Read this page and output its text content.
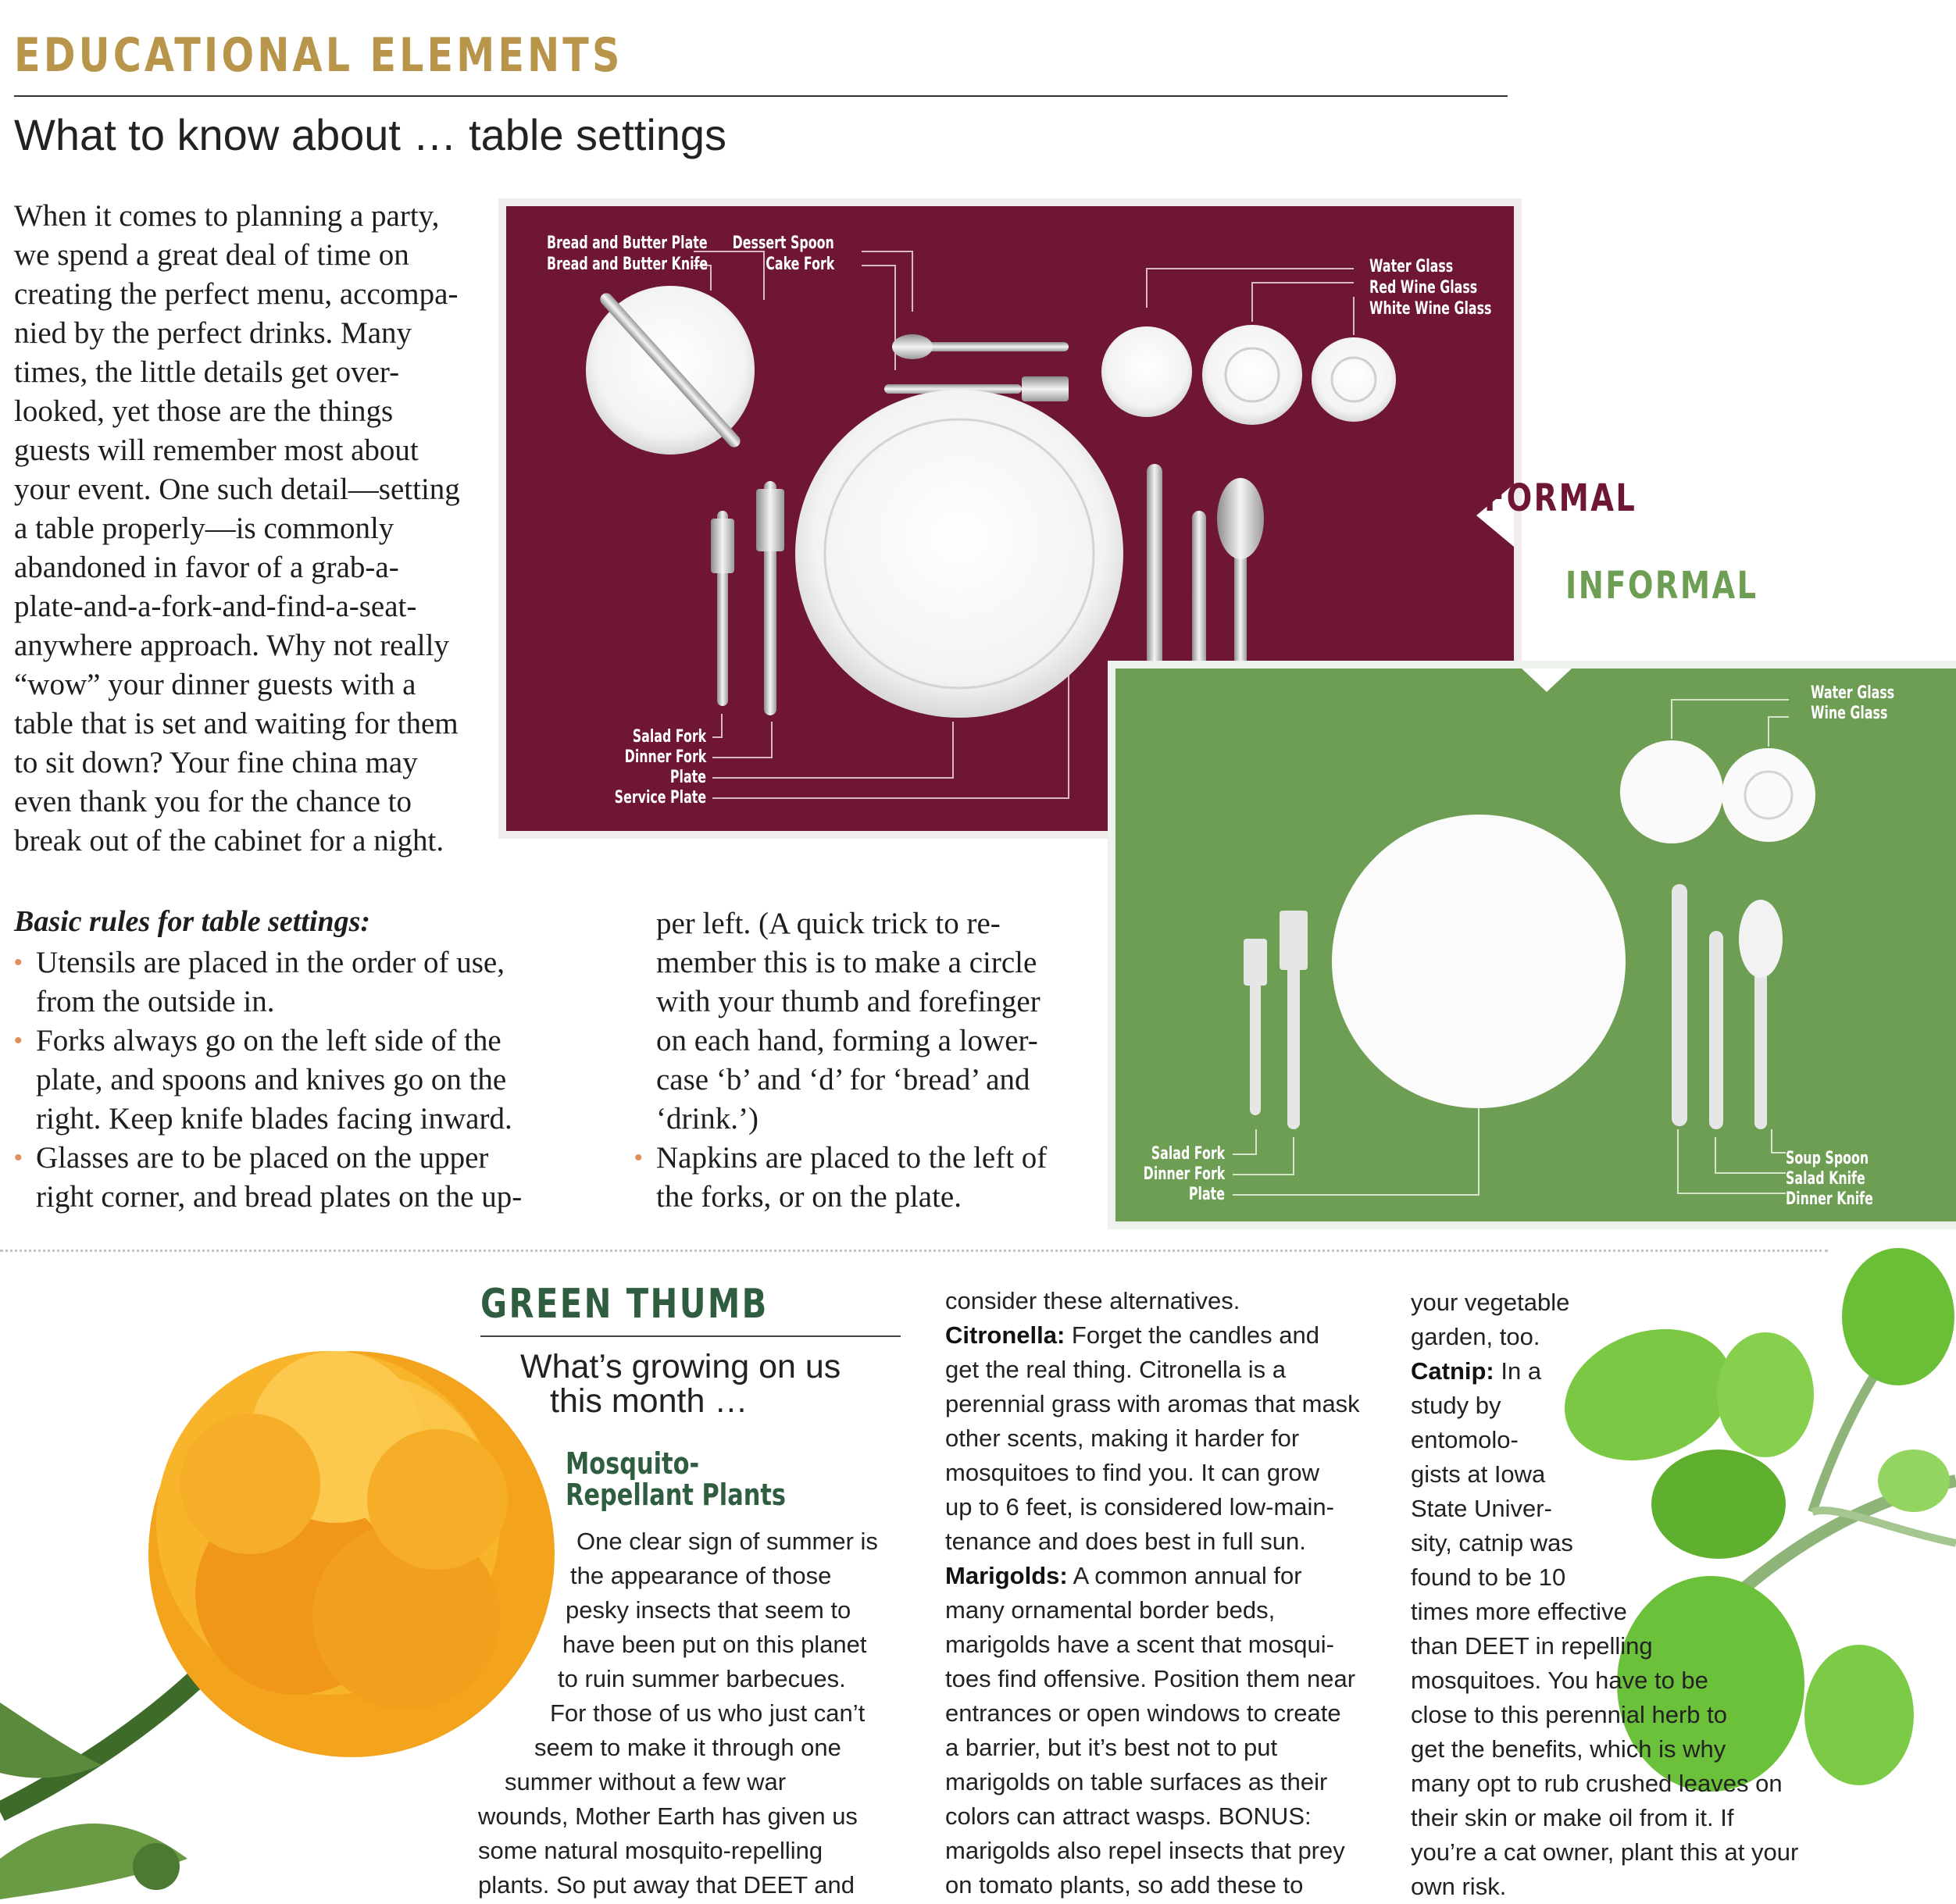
EDUCATIONAL ELEMENTS
What to know about … table settings
When it comes to planning a party,
we spend a great deal of time on
creating the perfect menu, accompa-
nied by the perfect drinks. Many
times, the little details get over-
looked, yet those are the things
guests will remember most about
your event. One such detail—setting
a table properly—is commonly
abandoned in favor of a grab-a-
plate-and-a-fork-and-find-a-seat-
anywhere approach. Why not really
“wow” your dinner guests with a
table that is set and waiting for them
to sit down? Your fine china may
even thank you for the chance to
break out of the cabinet for a night.
Basic rules for table settings:
• Utensils are placed in the order of use,
from the outside in.
• Forks always go on the left side of the
plate, and spoons and knives go on the
right. Keep knife blades facing inward.
• Glasses are to be placed on the upper
right corner, and bread plates on the up-
per left. (A quick trick to re-
member this is to make a circle
with your thumb and forefinger
on each hand, forming a lower-
case ‘b’ and ‘d’ for ‘bread’ and
‘drink.’)
• Napkins are placed to the left of
the forks, or on the plate.
Bread and Butter Plate
Bread and Butter Knife
Dessert Spoon
Cake Fork	Water Glass
Red Wine Glass
White Wine Glass
Salad Fork
Dinner Fork
Plate
Service Plate
FORMAL
INFORMAL
Water Glass
Wine Glass
Salad Fork
Dinner Fork
Plate
Soup Spoon
Salad Knife
Dinner Knife
GREEN THUMB
What’s growing on us
this month …
Mosquito-
Repellant Plants
One clear sign of summer is
the appearance of those
pesky insects that seem to
have been put on this planet
to ruin summer barbecues.
For those of us who just can’t
seem to make it through one
summer without a few war
wounds, Mother Earth has given us
some natural mosquito-repelling
plants. So put away that DEET and
consider these alternatives.
Citronella: Forget the candles and
get the real thing. Citronella is a
perennial grass with aromas that mask
other scents, making it harder for
mosquitoes to find you. It can grow
up to 6 feet, is considered low-main-
tenance and does best in full sun.
Marigolds: A common annual for
many ornamental border beds,
marigolds have a scent that mosqui-
toes find offensive. Position them near
entrances or open windows to create
a barrier, but it’s best not to put
marigolds on table surfaces as their
colors can attract wasps. BONUS:
marigolds also repel insects that prey
on tomato plants, so add these to
your vegetable
garden, too.
Catnip: In a
study by
entomolo-
gists at Iowa
State Univer-
sity, catnip was
found to be 10
times more effective
than DEET in repelling
mosquitoes. You have to be
close to this perennial herb to
get the benefits, which is why
many opt to rub crushed leaves on
their skin or make oil from it. If
you’re a cat owner, plant this at your
own risk.
